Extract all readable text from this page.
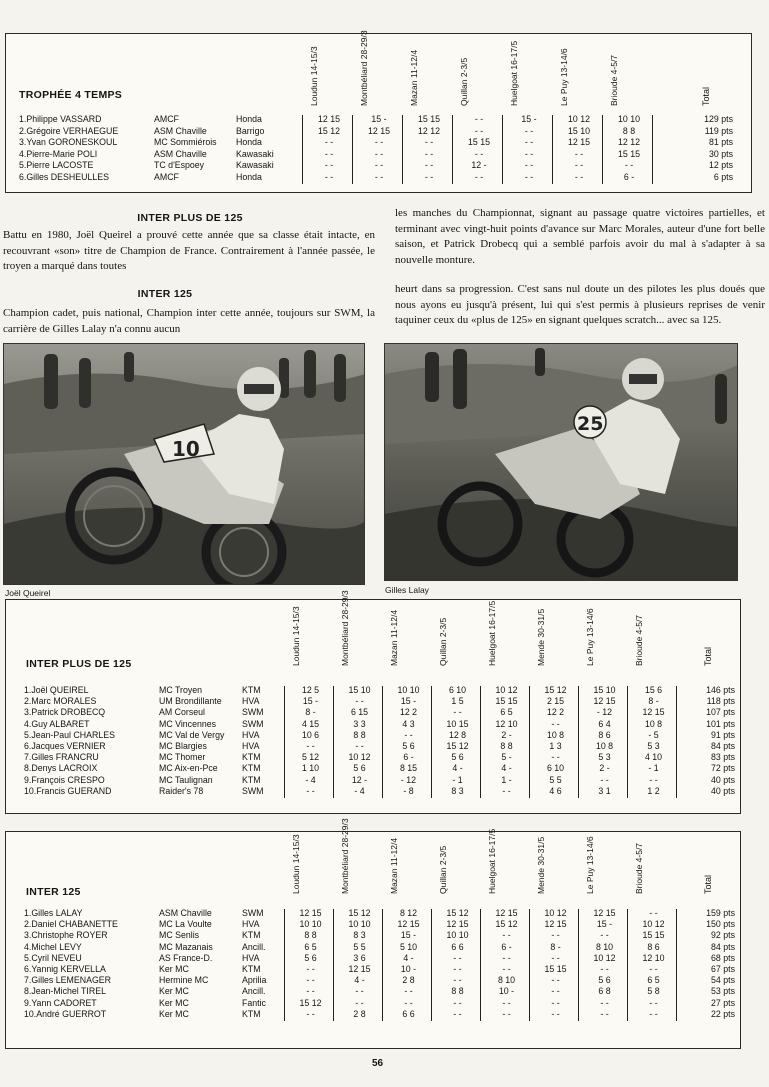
TROPHÉE 4 TEMPS	Loudun 14-15/3	Montbéliard 28-29/3	Mazan 11-12/4	Quillan 2-3/5	Huelgoat 16-17/5	Le Puy 13-14/6	Brioude 4-5/7	Total
1.Philippe VASSARD	AMCF	Honda	12 15	15 -	15 15	- -	15 -	10 12	10 10	129 pts
2.Grégoire VERHAEGUE	ASM Chaville	Barrigo	15 12	12 15	12 12	- -	- -	15 10	8 8	119 pts
3.Yvan GORONESKOUL	MC Sommiérois Honda	- -	- -	- -	15 15	- -	12 15	12 12	81 pts
4.Pierre-Marie POLI	ASM Chaville	Kawasaki	- -	- -	- -	- -	- -	- -	15 15	30 pts
5.Pierre LACOSTE	TC d'Espoey	Kawasaki	- -	- -	- -	12 -	- -	- -	- -	12 pts
6.Gilles DESHEULLES	AMCF	Honda	- -	- -	- -	- -	- -	- -	6 -	6 pts
INTER PLUS DE 125
Battu en 1980, Joël Queirel a prouvé cette année que sa classe était intacte, en recouvrant «son» titre de Champion de France. Contrairement à l'année passée, le troyen a marqué dans toutes
INTER 125
Champion cadet, puis national, Champion inter cette année, toujours sur SWM, la carrière de Gilles Lalay n'a connu aucun
les manches du Championnat, signant au passage quatre victoires partielles, et terminant avec vingt-huit points d'avance sur Marc Morales, auteur d'une fort belle saison, et Patrick Drobecq qui a semblé parfois avoir du mal à s'adapter à sa nouvelle monture.
heurt dans sa progression. C'est sans nul doute un des pilotes les plus doués que nous ayons eu jusqu'à présent, lui qui s'est permis à plusieurs reprises de venir taquiner ceux du «plus de 125» en signant quelques scratch... avec sa 125.
10
Joël Queirel
25
Gilles Lalay
INTER PLUS DE 125	Loudun 14-15/3	Montbéliard 28-29/3	Mazan 11-12/4	Quillan 2-3/5	Huelgoat 16-17/5	Mende 30-31/5	Le Puy 13-14/6	Brioude 4-5/7	Total
1.Joël QUEIREL	MC Troyen	KTM	12 5	15 10	10 10	6 10	10 12	15 12	15 10	15 6	146 pts
2.Marc MORALES	UM Brondillante HVA	15 -	- -	15 -	1 5	15 15	2 15	12 15	8 -	118 pts
3.Patrick DROBECQ	AM Corseul	SWM	8 -	6 15	12 2	- -	6 5	12 2	- 12	12 15	107 pts
4.Guy ALBARET	MC Vincennes	SWM	4 15	3 3	4 3	10 15	12 10	- -	6 4	10 8	101 pts
5.Jean-Paul CHARLES	MC Val de Vergy HVA	10 6	8 8	- -	12 8	2 -	10 8	8 6	- 5	91 pts
6.Jacques VERNIER	MC Blargies	HVA	- -	- -	5 6	15 12	8 8	1 3	10 8	5 3	84 pts
7.Gilles FRANCRU	MC Thomer	KTM	5 12	10 12	6 -	5 6	5 -	- -	5 3	4 10	83 pts
8.Denys LACROIX	MC Aix-en-Pce	KTM	1 10	5 6	8 15	4 -	4 -	6 10	2 -	- 1	72 pts
9.François CRESPO	MC Taulignan	KTM	- 4	12 -	- 12	- 1	1 -	5 5	- -	- -	40 pts
10.Francis GUERAND	Raider's 78	SWM	- -	- 4	- 8	8 3	- -	4 6	3 1	1 2	40 pts
INTER 125	Loudun 14-15/3	Montbéliard 28-29/3	Mazan 11-12/4	Quillan 2-3/5	Huelgoat 16-17/5	Mende 30-31/5	Le Puy 13-14/6	Brioude 4-5/7	Total
1.Gilles LALAY	ASM Chaville	SWM	12 15	15 12	8 12	15 12	12 15	10 12	12 15	- -	159 pts
2.Daniel CHABANETTE	MC La Voulte	HVA	10 10	10 10	12 15	12 15	15 12	12 15	15 -	10 12	150 pts
3.Christophe ROYER	MC Senlis	KTM	8 8	8 3	15 -	10 10	- -	- -	- -	15 15	92 pts
4.Michel LEVY	MC Mazanais	Ancill.	6 5	5 5	5 10	6 6	6 -	8 -	8 10	8 6	84 pts
5.Cyril NEVEU	AS France-D.	HVA	5 6	3 6	4 -	- -	- -	- -	10 12	12 10	68 pts
6.Yannig KERVELLA	Ker MC	KTM	- -	12 15	10 -	- -	- -	15 15	- -	- -	67 pts
7.Gilles LEMENAGER	Hermine MC	Aprilia	- -	4 -	2 8	- -	8 10	- -	5 6	6 5	54 pts
8.Jean-Michel TIREL	Ker MC	Ancill.	- -	- -	- -	8 8	10 -	- -	6 8	5 8	53 pts
9.Yann CADORET	Ker MC	Fantic	15 12	- -	- -	- -	- -	- -	- -	- -	27 pts
10.André GUERROT	Ker MC	KTM	- -	2 8	6 6	- -	- -	- -	- -	- -	22 pts
56
